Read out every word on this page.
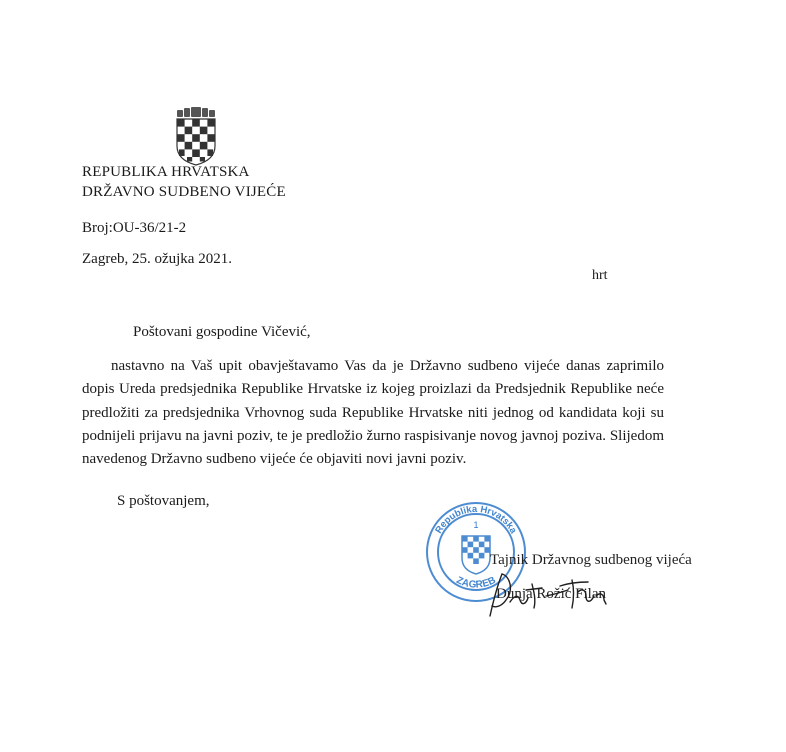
REPUBLIKA HRVATSKA
DRŽAVNO SUDBENO VIJEĆE
Broj:OU-36/21-2
Zagreb, 25. ožujka 2021.
hrt
Poštovani gospodine Vičević,

nastavno na Vaš upit obavještavamo Vas da je Državno sudbeno vijeće danas zaprimilo dopis Ureda predsjednika Republike Hrvatske iz kojeg proizlazi da Predsjednik Republike neće predložiti za predsjednika Vrhovnog suda Republike Hrvatske niti jednog od kandidata koji su podnijeli prijavu na javni poziv, te je predložio žurno raspisivanje novog javnoj poziva. Slijedom navedenog Državno sudbeno vijeće će objaviti novi javni poziv.

S poštovanjem,
Republika Hrvatska
ZAGREB
1
Tajnik Državnog sudbenog vijeća
Dunja Rožić Filan
